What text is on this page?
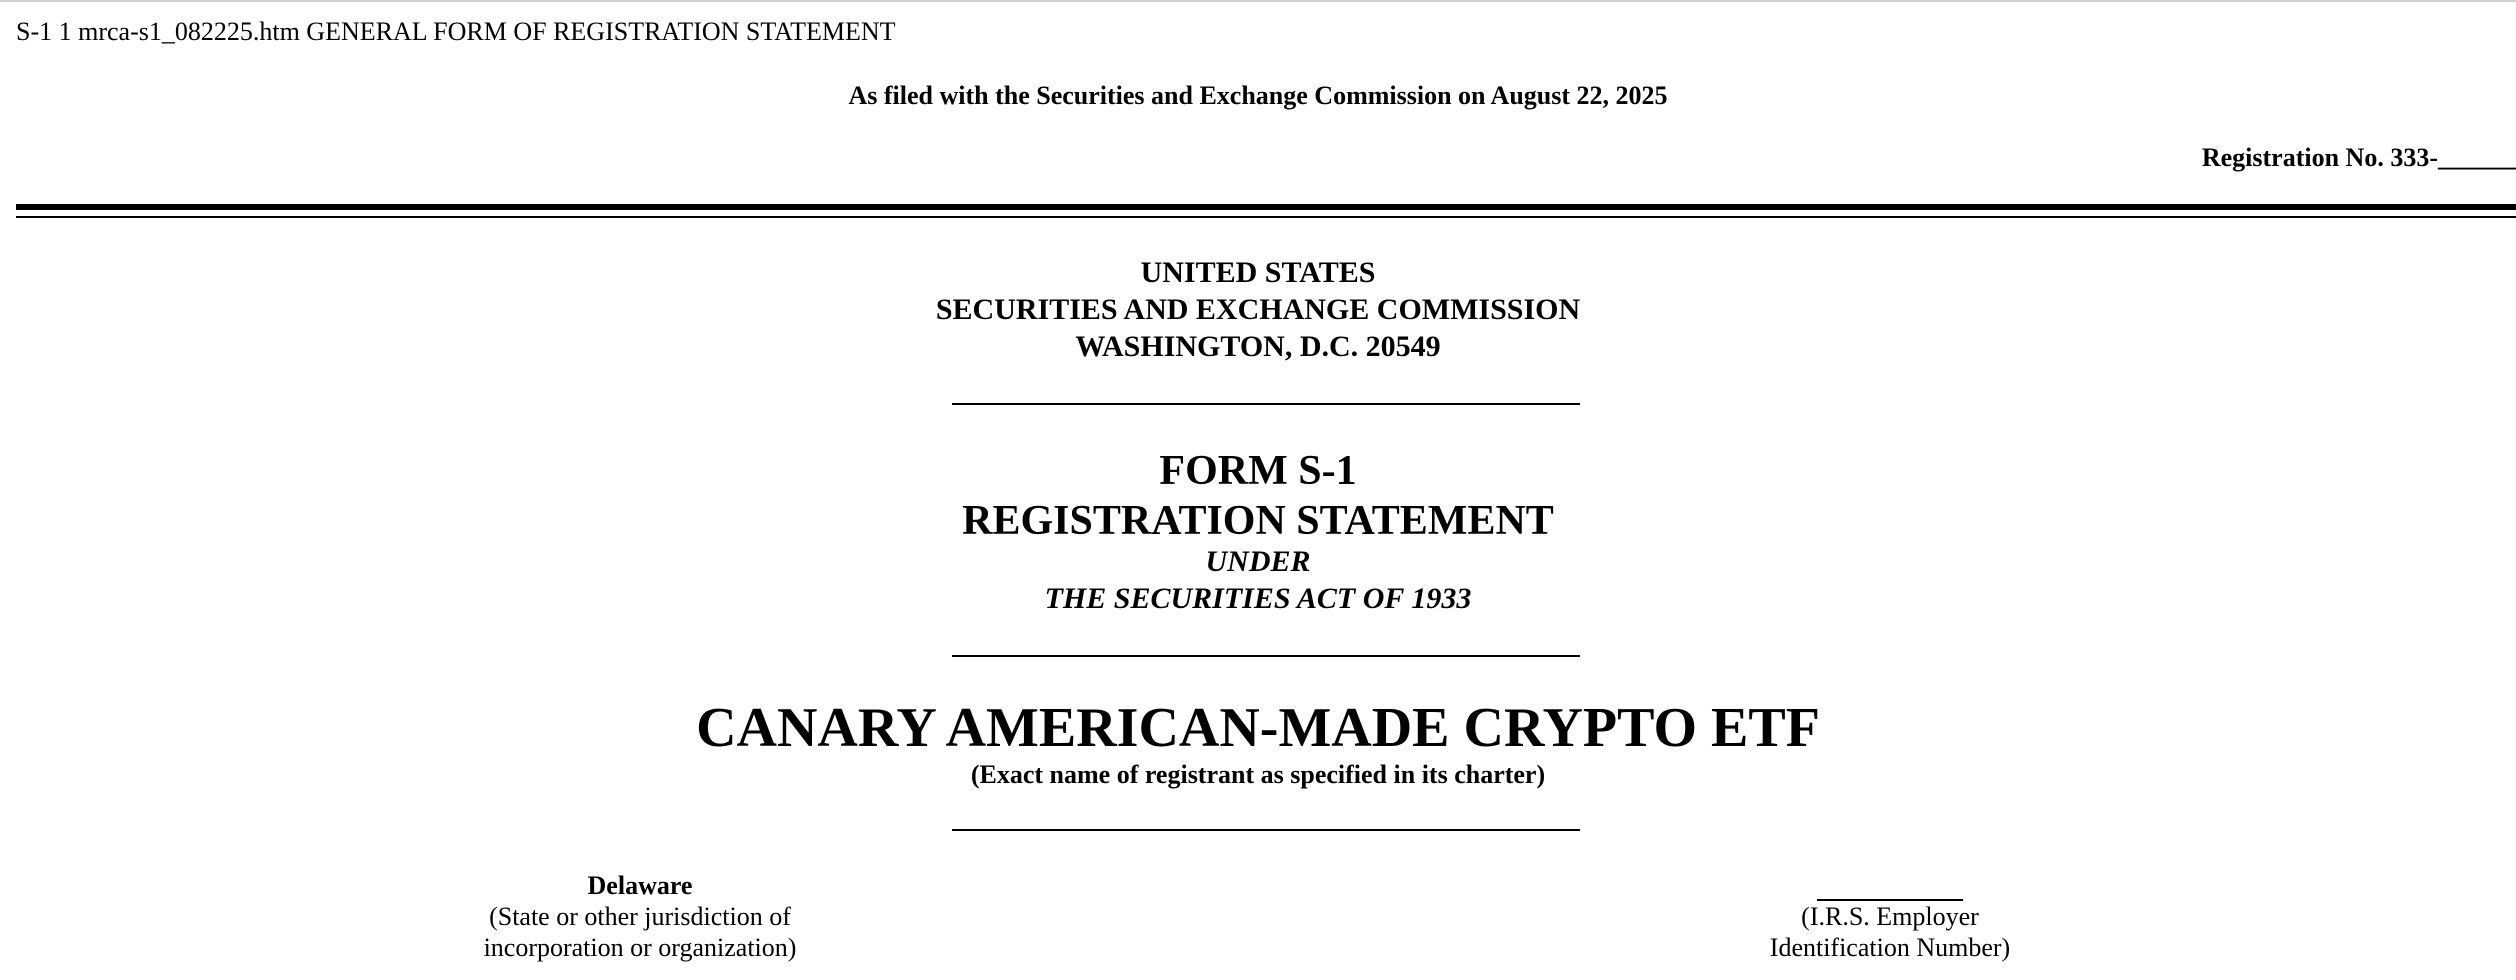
S-1 1 mrca-s1_082225.htm GENERAL FORM OF REGISTRATION STATEMENT
As filed with the Securities and Exchange Commission on August 22, 2025
Registration No. 333-______
UNITED STATES
SECURITIES AND EXCHANGE COMMISSION
WASHINGTON, D.C. 20549
FORM S-1
REGISTRATION STATEMENT
UNDER
THE SECURITIES ACT OF 1933
CANARY AMERICAN-MADE CRYPTO ETF
(Exact name of registrant as specified in its charter)
Delaware
(State or other jurisdiction of
incorporation or organization)
(I.R.S. Employer
Identification Number)
